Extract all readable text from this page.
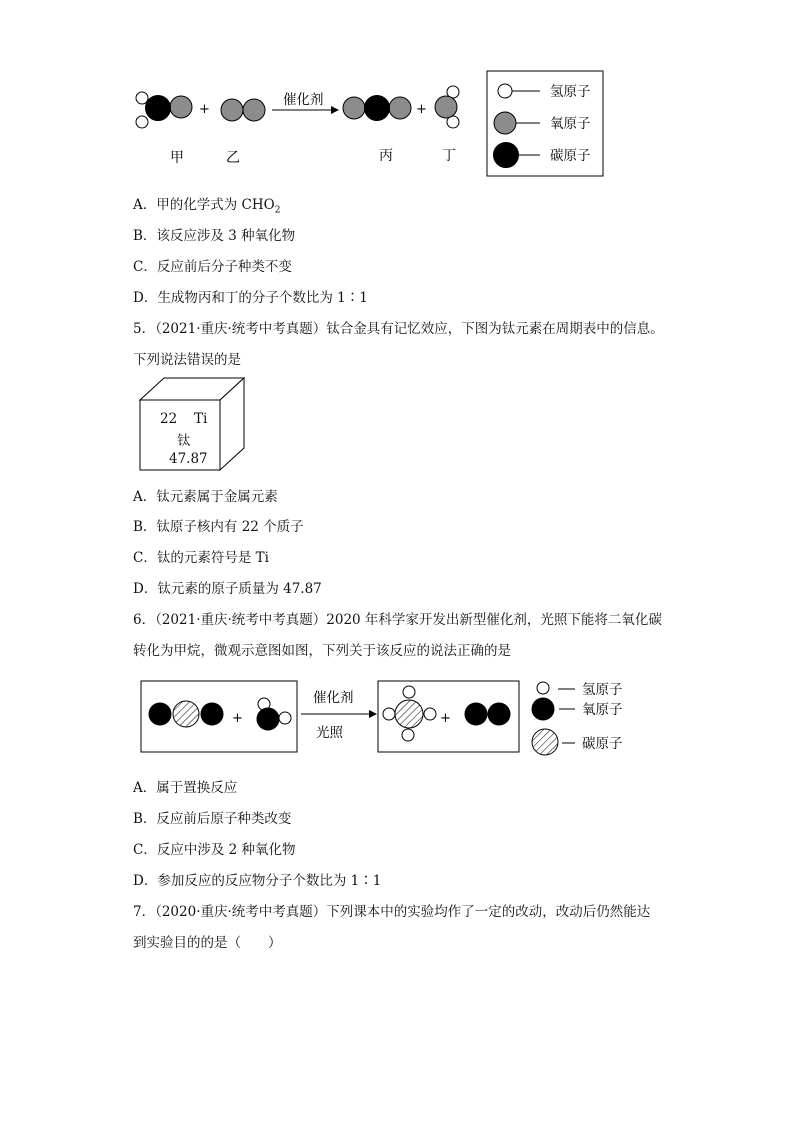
+
催化剂
+
甲	乙	丙	丁
氢原子
氧原子
碳原子
A．甲的化学式为 $CHO_2$
B．该反应涉及 3 种氧化物
C．反应前后分子种类不变
D．生成物丙和丁的分子个数比为 1∶1
5．（2021·重庆·统考中考真题）钛合金具有记忆效应，下图为钛元素在周期表中的信息。
下列说法错误的是
22 Ti
钛
47.87
A．钛元素属于金属元素
B．钛原子核内有 22 个质子
C．钛的元素符号是 Ti
D．钛元素的原子质量为 47.87
6．（2021·重庆·统考中考真题）2020 年科学家开发出新型催化剂，光照下能将二氧化碳
转化为甲烷，微观示意图如图，下列关于该反应的说法正确的是
+
催化剂
光照
+
氢原子
氧原子
碳原子
A．属于置换反应
B．反应前后原子种类改变
C．反应中涉及 2 种氧化物
D．参加反应的反应物分子个数比为 1∶1
7．（2020·重庆·统考中考真题）下列课本中的实验均作了一定的改动，改动后仍然能达
到实验目的的是（　　）
